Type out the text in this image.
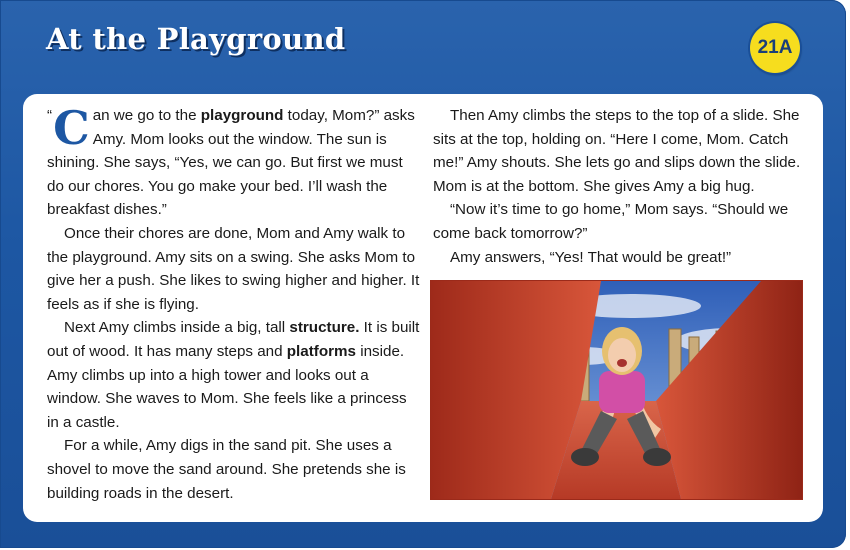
At the Playground	21A

“ C an we go to the playground today, Mom?” asks Amy. Mom looks out the window. The sun is shining. She says, “Yes, we can go. But first we must do our chores. You go make your bed. I’ll wash the breakfast dishes.”

Once their chores are done, Mom and Amy walk to the playground. Amy sits on a swing. She asks Mom to give her a push. She likes to swing higher and higher. It feels as if she is flying.

Next Amy climbs inside a big, tall structure. It is built out of wood. It has many steps and platforms inside. Amy climbs up into a high tower and looks out a window. She waves to Mom. She feels like a princess in a castle.

For a while, Amy digs in the sand pit. She uses a shovel to move the sand around. She pretends she is building roads in the desert.

Then Amy climbs the steps to the top of a slide. She sits at the top, holding on. “Here I come, Mom. Catch me!” Amy shouts. She lets go and slips down the slide. Mom is at the bottom. She gives Amy a big hug.

“Now it’s time to go home,” Mom says. “Should we come back tomorrow?”

Amy answers, “Yes! That would be great!”
